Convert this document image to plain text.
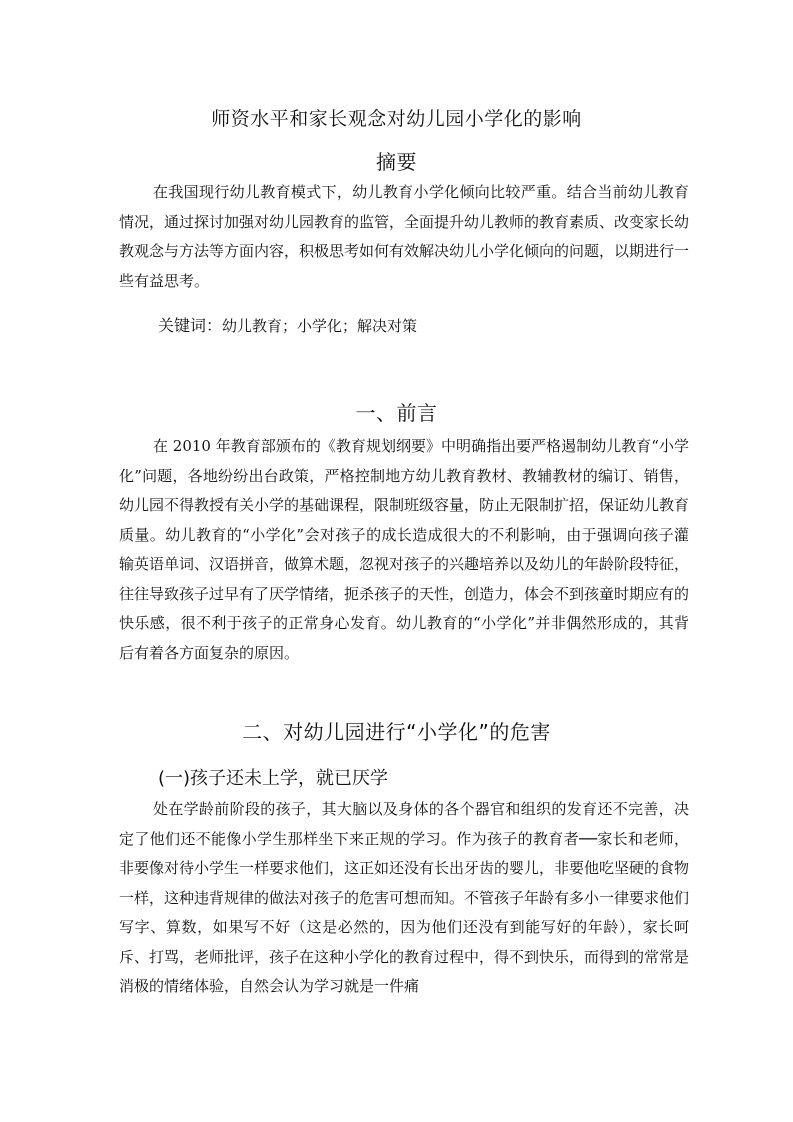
师资水平和家长观念对幼儿园小学化的影响
摘要

在我国现行幼儿教育模式下，幼儿教育小学化倾向比较严重。结合当前幼儿教育情况，通过探讨加强对幼儿园教育的监管，全面提升幼儿教师的教育素质、改变家长幼教观念与方法等方面内容，积极思考如何有效解决幼儿小学化倾向的问题，以期进行一些有益思考。

关键词：幼儿教育；小学化；解决对策

一、前言

在 2010 年教育部颁布的《教育规划纲要》中明确指出要严格遏制幼儿教育“小学化”问题，各地纷纷出台政策，严格控制地方幼儿教育教材、教辅教材的编订、销售，幼儿园不得教授有关小学的基础课程，限制班级容量，防止无限制扩招，保证幼儿教育质量。幼儿教育的“小学化”会对孩子的成长造成很大的不利影响，由于强调向孩子灌输英语单词、汉语拼音，做算术题，忽视对孩子的兴趣培养以及幼儿的年龄阶段特征，往往导致孩子过早有了厌学情绪，扼杀孩子的天性，创造力，体会不到孩童时期应有的快乐感，很不利于孩子的正常身心发育。幼儿教育的“小学化”并非偶然形成的，其背后有着各方面复杂的原因。

二、对幼儿园进行“小学化”的危害
(一)孩子还未上学，就已厌学

处在学龄前阶段的孩子，其大脑以及身体的各个器官和组织的发育还不完善，决定了他们还不能像小学生那样坐下来正规的学习。作为孩子的教育者──家长和老师，非要像对待小学生一样要求他们，这正如还没有长出牙齿的婴儿，非要他吃坚硬的食物一样，这种违背规律的做法对孩子的危害可想而知。不管孩子年龄有多小一律要求他们写字、算数，如果写不好（这是必然的，因为他们还没有到能写好的年龄），家长呵斥、打骂，老师批评，孩子在这种小学化的教育过程中，得不到快乐，而得到的常常是消极的情绪体验，自然会认为学习就是一件痛
